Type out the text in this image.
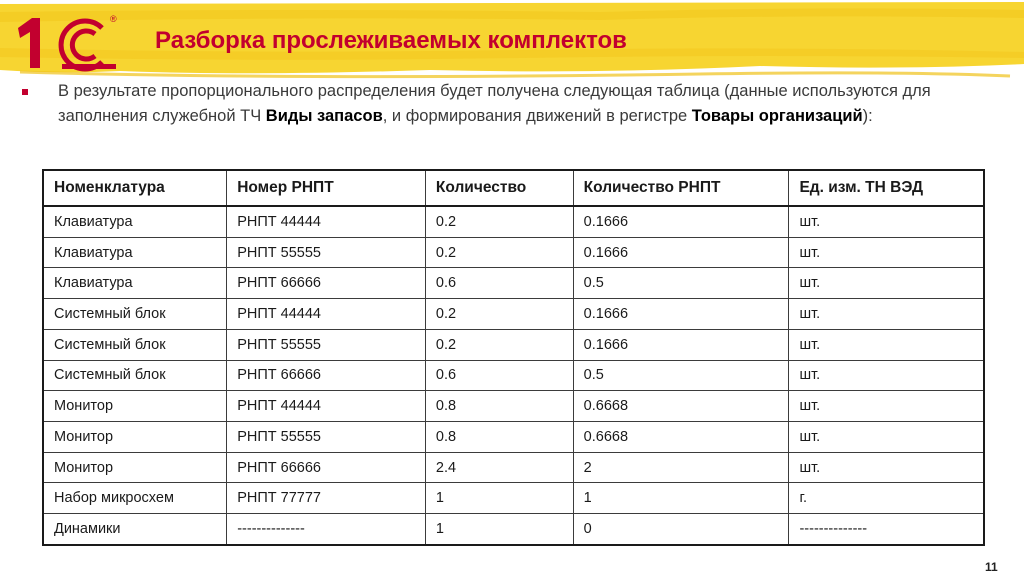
®
Разборка прослеживаемых комплектов
В результате пропорционального распределения будет получена следующая таблица (данные используются для заполнения служебной ТЧ Виды запасов, и формирования движений в регистре Товары организаций):
Номенклатура	Номер РНПТ	Количество	Количество РНПТ	Ед. изм. ТН ВЭД
Клавиатура	РНПТ 44444	0.2	0.1666	шт.
Клавиатура	РНПТ 55555	0.2	0.1666	шт.
Клавиатура	РНПТ 66666	0.6	0.5	шт.
Системный блок	РНПТ 44444	0.2	0.1666	шт.
Системный блок	РНПТ 55555	0.2	0.1666	шт.
Системный блок	РНПТ 66666	0.6	0.5	шт.
Монитор	РНПТ 44444	0.8	0.6668	шт.
Монитор	РНПТ 55555	0.8	0.6668	шт.
Монитор	РНПТ 66666	2.4	2	шт.
Набор микросхем	РНПТ 77777	1	1	г.
Динамики	--------------	1	0	--------------
11
